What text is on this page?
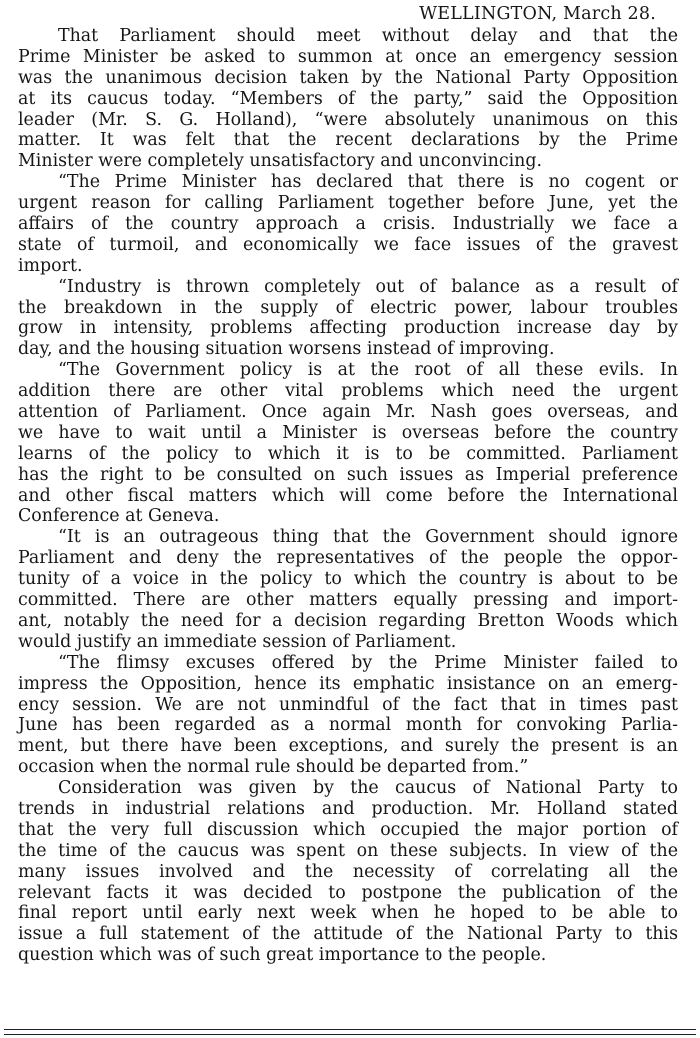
WELLINGTON, March 28.
That Parliament should meet without delay and that the
Prime Minister be asked to summon at once an emergency session
was the unanimous decision taken by the National Party Opposition
at its caucus today. “Members of the party,” said the Opposition
leader (Mr. S. G. Holland), “were absolutely unanimous on this
matter. It was felt that the recent declarations by the Prime
Minister were completely unsatisfactory and unconvincing.
“The Prime Minister has declared that there is no cogent or
urgent reason for calling Parliament together before June, yet the
affairs of the country approach a crisis. Industrially we face a
state of turmoil, and economically we face issues of the gravest
import.
“Industry is thrown completely out of balance as a result of
the breakdown in the supply of electric power, labour troubles
grow in intensity, problems affecting production increase day by
day, and the housing situation worsens instead of improving.
“The Government policy is at the root of all these evils. In
addition there are other vital problems which need the urgent
attention of Parliament. Once again Mr. Nash goes overseas, and
we have to wait until a Minister is overseas before the country
learns of the policy to which it is to be committed. Parliament
has the right to be consulted on such issues as Imperial preference
and other fiscal matters which will come before the International
Conference at Geneva.
“It is an outrageous thing that the Government should ignore
Parliament and deny the representatives of the people the oppor-
tunity of a voice in the policy to which the country is about to be
committed. There are other matters equally pressing and import-
ant, notably the need for a decision regarding Bretton Woods which
would justify an immediate session of Parliament.
“The flimsy excuses offered by the Prime Minister failed to
impress the Opposition, hence its emphatic insistance on an emerg-
ency session. We are not unmindful of the fact that in times past
June has been regarded as a normal month for convoking Parlia-
ment, but there have been exceptions, and surely the present is an
occasion when the normal rule should be departed from.”
Consideration was given by the caucus of National Party to
trends in industrial relations and production. Mr. Holland stated
that the very full discussion which occupied the major portion of
the time of the caucus was spent on these subjects. In view of the
many issues involved and the necessity of correlating all the
relevant facts it was decided to postpone the publication of the
final report until early next week when he hoped to be able to
issue a full statement of the attitude of the National Party to this
question which was of such great importance to the people.
